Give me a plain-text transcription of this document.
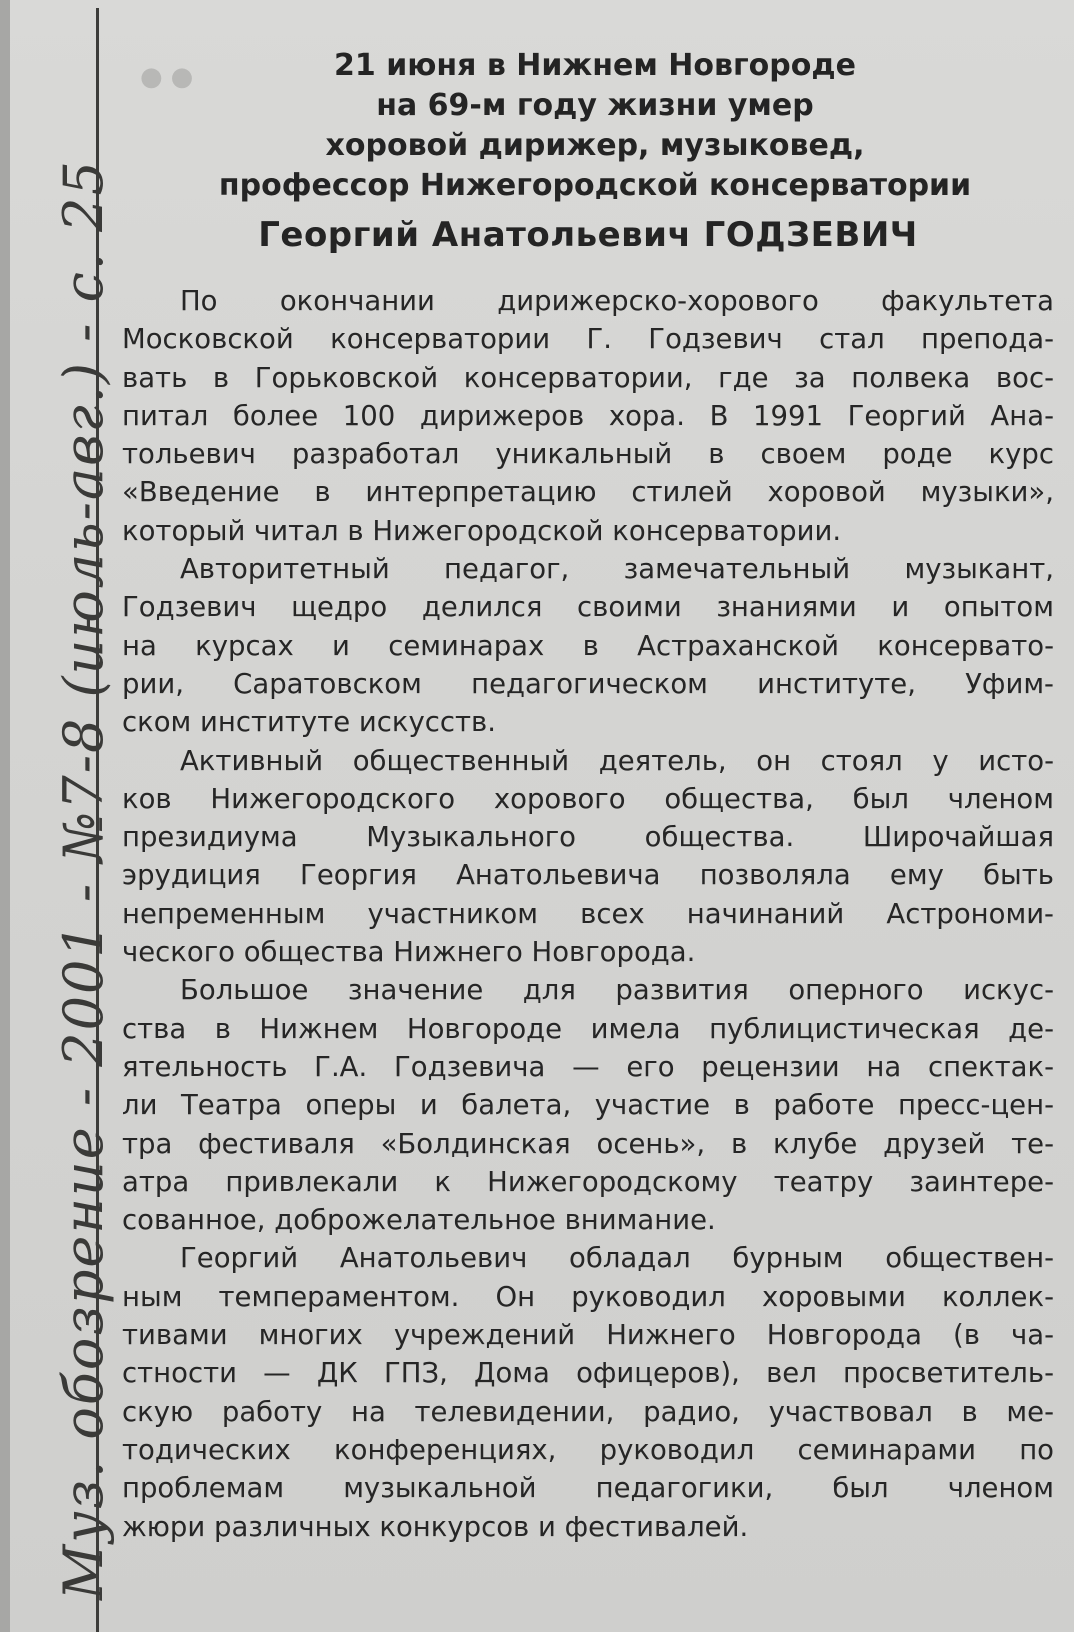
Муз. обозрение - 2001 - №7-8 (июль-авг.) - с. 25
●●	21 июня в Нижнем Новгороде
на 69-м году жизни умер
хоровой дирижер, музыковед,
профессор Нижегородской консерватории
Георгий Анатольевич ГОДЗЕВИЧ

По окончании дирижерско-хорового факультета
Московской консерватории Г. Годзевич стал препода-
вать в Горьковской консерватории, где за полвека вос-
питал более 100 дирижеров хора. В 1991 Георгий Ана-
тольевич разработал уникальный в своем роде курс
«Введение в интерпретацию стилей хоровой музыки»,
который читал в Нижегородской консерватории.

Авторитетный педагог, замечательный музыкант,
Годзевич щедро делился своими знаниями и опытом
на курсах и семинарах в Астраханской консервато-
рии, Саратовском педагогическом институте, Уфим-
ском институте искусств.

Активный общественный деятель, он стоял у исто-
ков Нижегородского хорового общества, был членом
президиума Музыкального общества. Широчайшая
эрудиция Георгия Анатольевича позволяла ему быть
непременным участником всех начинаний Астрономи-
ческого общества Нижнего Новгорода.

Большое значение для развития оперного искус-
ства в Нижнем Новгороде имела публицистическая де-
ятельность Г.А. Годзевича — его рецензии на спектак-
ли Театра оперы и балета, участие в работе пресс-цен-
тра фестиваля «Болдинская осень», в клубе друзей те-
атра привлекали к Нижегородскому театру заинтере-
сованное, доброжелательное внимание.

Георгий Анатольевич обладал бурным обществен-
ным темпераментом. Он руководил хоровыми коллек-
тивами многих учреждений Нижнего Новгорода (в ча-
стности — ДК ГПЗ, Дома офицеров), вел просветитель-
скую работу на телевидении, радио, участвовал в ме-
тодических конференциях, руководил семинарами по
проблемам музыкальной педагогики, был членом
жюри различных конкурсов и фестивалей.
